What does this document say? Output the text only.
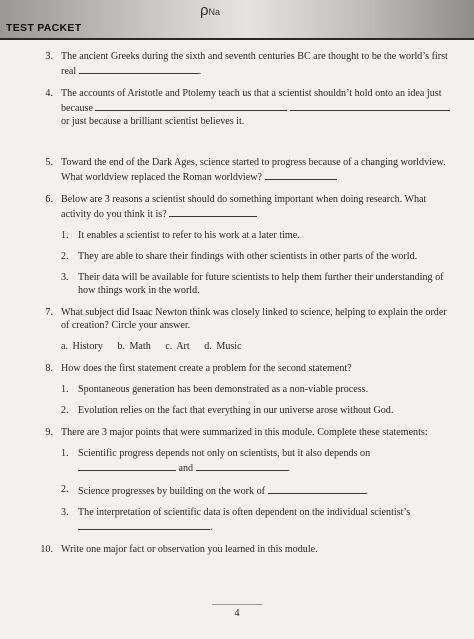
ρNa
TEST PACKET
3. The ancient Greeks during the sixth and seventh centuries BC are thought to be the world’s first real	.
4. The accounts of Aristotle and Ptolemy teach us that a scientist shouldn’t hold onto an idea just because  or just because a brilliant scientist believes it.
5. Toward the end of the Dark Ages, science started to progress because of a changing worldview. What worldview replaced the Roman worldview?
6. Below are 3 reasons a scientist should do something important when doing research. What activity do you think it is?
1. It enables a scientist to refer to his work at a later time.
2. They are able to share their findings with other scientists in other parts of the world.
3. Their data will be available for future scientists to help them further their understanding of how things work in the world.
7. What subject did Isaac Newton think was closely linked to science, helping to explain the order of creation? Circle your answer.
a. History b. Math c. Art d. Music
8. How does the first statement create a problem for the second statement?
1. Spontaneous generation has been demonstrated as a non-viable process.
2. Evolution relies on the fact that everything in our universe arose without God.
9. There are 3 major points that were summarized in this module. Complete these statements:
1. Scientific progress depends not only on scientists, but it also depends on
and	.
2. Science progresses by building on the work of	.
3. The interpretation of scientific data is often dependent on the individual scientist’s .
10. Write one major fact or observation you learned in this module.
4
